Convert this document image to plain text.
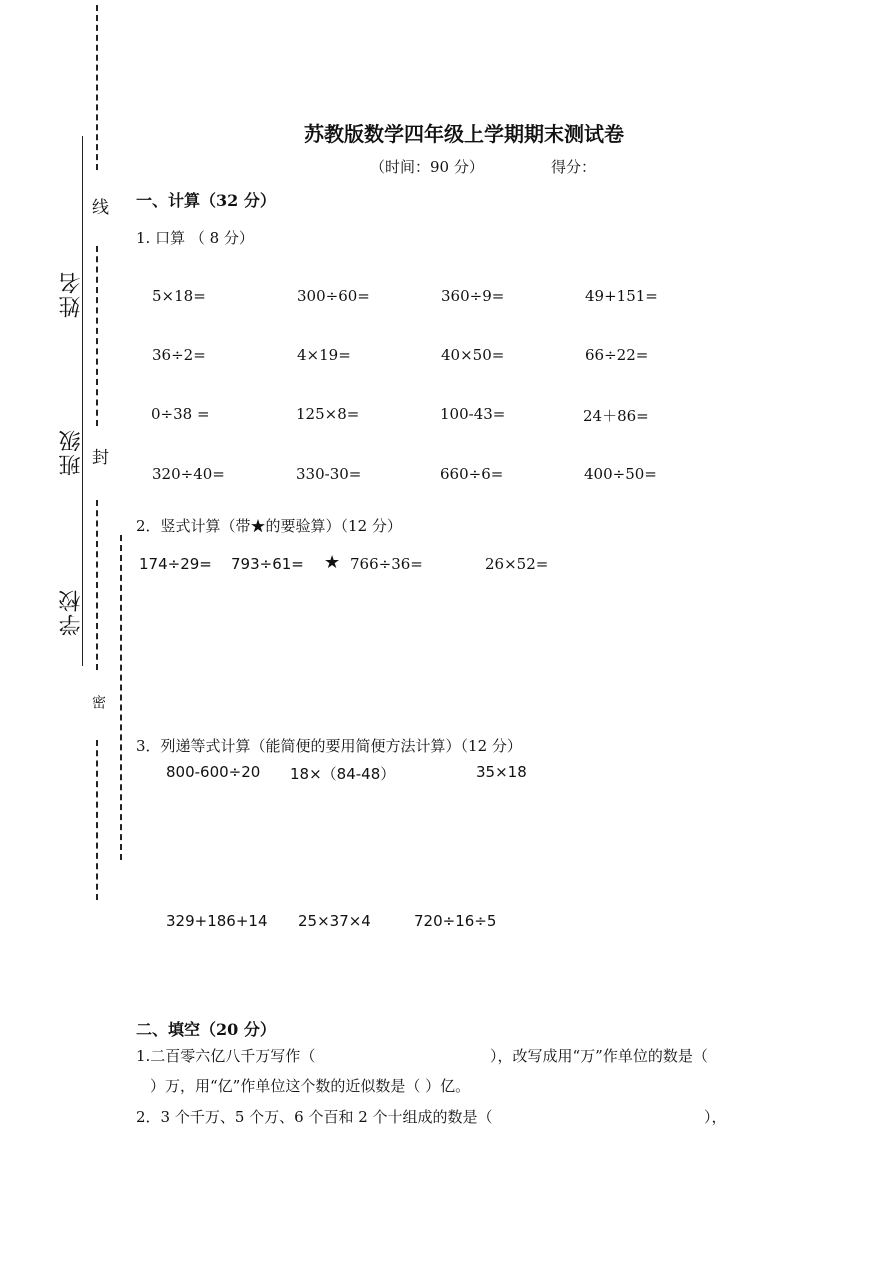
线
封
密
学校
班级
姓名
苏教版数学四年级上学期期末测试卷
（时间：90 分）	得分：
一、计算（32 分）
1. 口算 （ 8 分）
5×18=	300÷60=	360÷9=	49+151=
36÷2=	4×19=	40×50=	66÷22=
0÷38 =	125×8=	100-43=	24＋86=
320÷40=	330-30=	660÷6=	400÷50=
2．竖式计算（带★的要验算）（12 分）
174÷29= 793÷61= ★ 766÷36=	26×52=
3．列递等式计算（能简便的要用简便方法计算）（12 分）
800-600÷20 18×（84-48）	35×18
329+186+14 25×37×4	720÷16÷5
二、填空（20 分）
1.二百零六亿八千万写作（	），改写成用“万”作单位的数是（
）万，用“亿”作单位这个数的近似数是（ ）亿。
2．3 个千万、5 个万、6 个百和 2 个十组成的数是（	），
